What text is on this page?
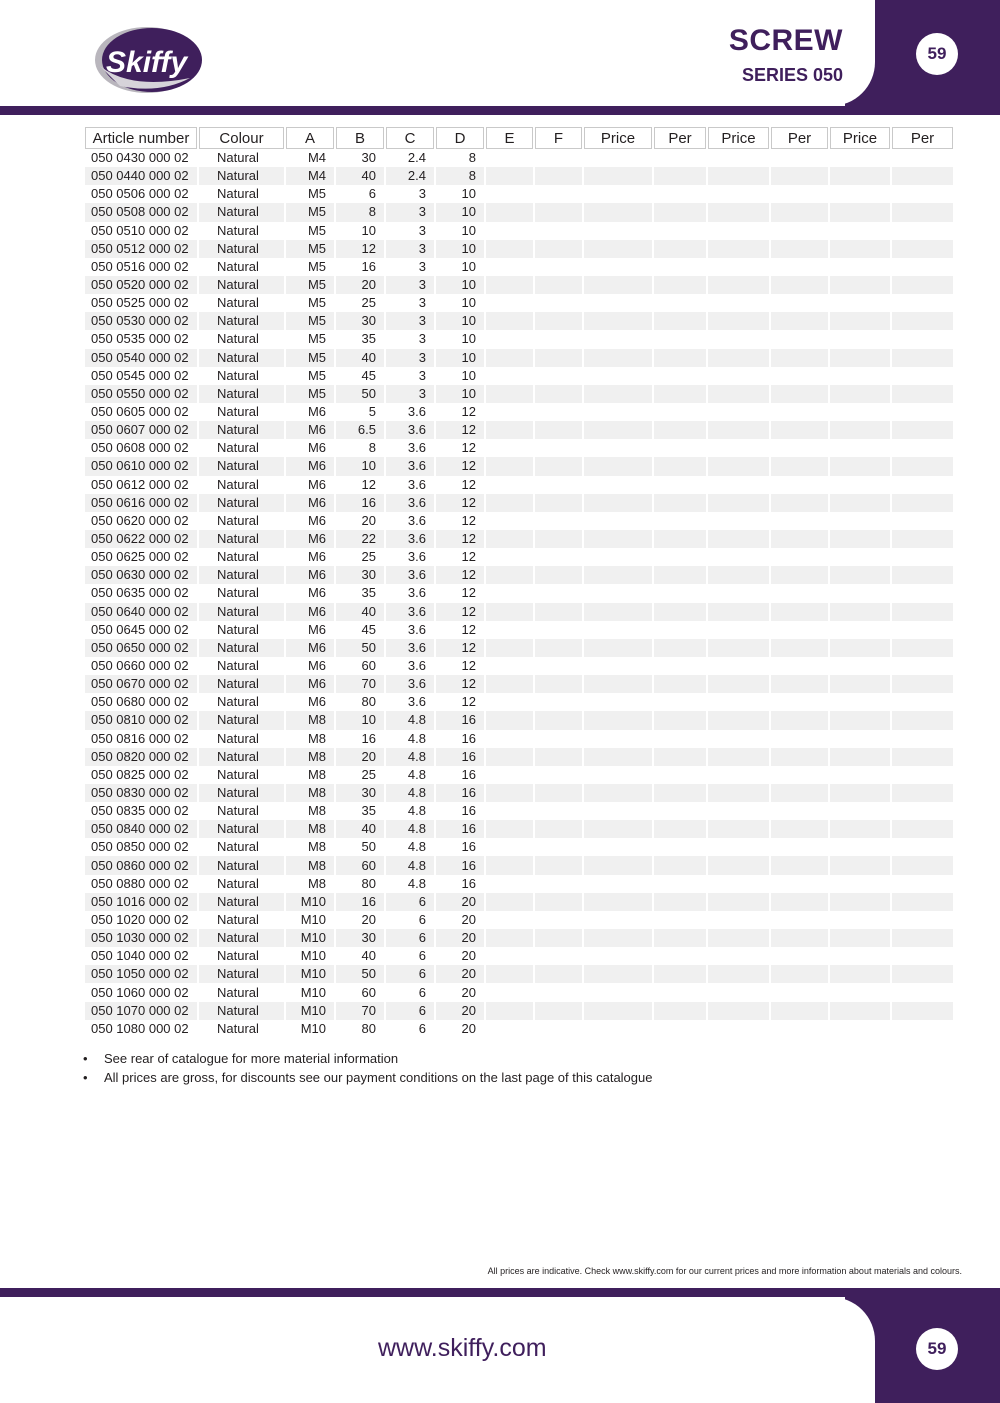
Skiffy
SCREW
SERIES 050
59
Article number	Colour	A	B	C	D	E	F	Price	Per	Price	Per	Price	Per
050 0430 000 02	Natural	M4	30	2.4	8								
050 0440 000 02	Natural	M4	40	2.4	8								
050 0506 000 02	Natural	M5	6	3	10								
050 0508 000 02	Natural	M5	8	3	10								
050 0510 000 02	Natural	M5	10	3	10								
050 0512 000 02	Natural	M5	12	3	10								
050 0516 000 02	Natural	M5	16	3	10								
050 0520 000 02	Natural	M5	20	3	10								
050 0525 000 02	Natural	M5	25	3	10								
050 0530 000 02	Natural	M5	30	3	10								
050 0535 000 02	Natural	M5	35	3	10								
050 0540 000 02	Natural	M5	40	3	10								
050 0545 000 02	Natural	M5	45	3	10								
050 0550 000 02	Natural	M5	50	3	10								
050 0605 000 02	Natural	M6	5	3.6	12								
050 0607 000 02	Natural	M6	6.5	3.6	12								
050 0608 000 02	Natural	M6	8	3.6	12								
050 0610 000 02	Natural	M6	10	3.6	12								
050 0612 000 02	Natural	M6	12	3.6	12								
050 0616 000 02	Natural	M6	16	3.6	12								
050 0620 000 02	Natural	M6	20	3.6	12								
050 0622 000 02	Natural	M6	22	3.6	12								
050 0625 000 02	Natural	M6	25	3.6	12								
050 0630 000 02	Natural	M6	30	3.6	12								
050 0635 000 02	Natural	M6	35	3.6	12								
050 0640 000 02	Natural	M6	40	3.6	12								
050 0645 000 02	Natural	M6	45	3.6	12								
050 0650 000 02	Natural	M6	50	3.6	12								
050 0660 000 02	Natural	M6	60	3.6	12								
050 0670 000 02	Natural	M6	70	3.6	12								
050 0680 000 02	Natural	M6	80	3.6	12								
050 0810 000 02	Natural	M8	10	4.8	16								
050 0816 000 02	Natural	M8	16	4.8	16								
050 0820 000 02	Natural	M8	20	4.8	16								
050 0825 000 02	Natural	M8	25	4.8	16								
050 0830 000 02	Natural	M8	30	4.8	16								
050 0835 000 02	Natural	M8	35	4.8	16								
050 0840 000 02	Natural	M8	40	4.8	16								
050 0850 000 02	Natural	M8	50	4.8	16								
050 0860 000 02	Natural	M8	60	4.8	16								
050 0880 000 02	Natural	M8	80	4.8	16								
050 1016 000 02	Natural	M10	16	6	20								
050 1020 000 02	Natural	M10	20	6	20								
050 1030 000 02	Natural	M10	30	6	20								
050 1040 000 02	Natural	M10	40	6	20								
050 1050 000 02	Natural	M10	50	6	20								
050 1060 000 02	Natural	M10	60	6	20								
050 1070 000 02	Natural	M10	70	6	20								
050 1080 000 02	Natural	M10	80	6	20								
•	See rear of catalogue for more material information
•	All prices are gross, for discounts see our payment conditions on the last page of this catalogue
All prices are indicative. Check www.skiffy.com for our current prices and more information about materials and colours.
www.skiffy.com	59
